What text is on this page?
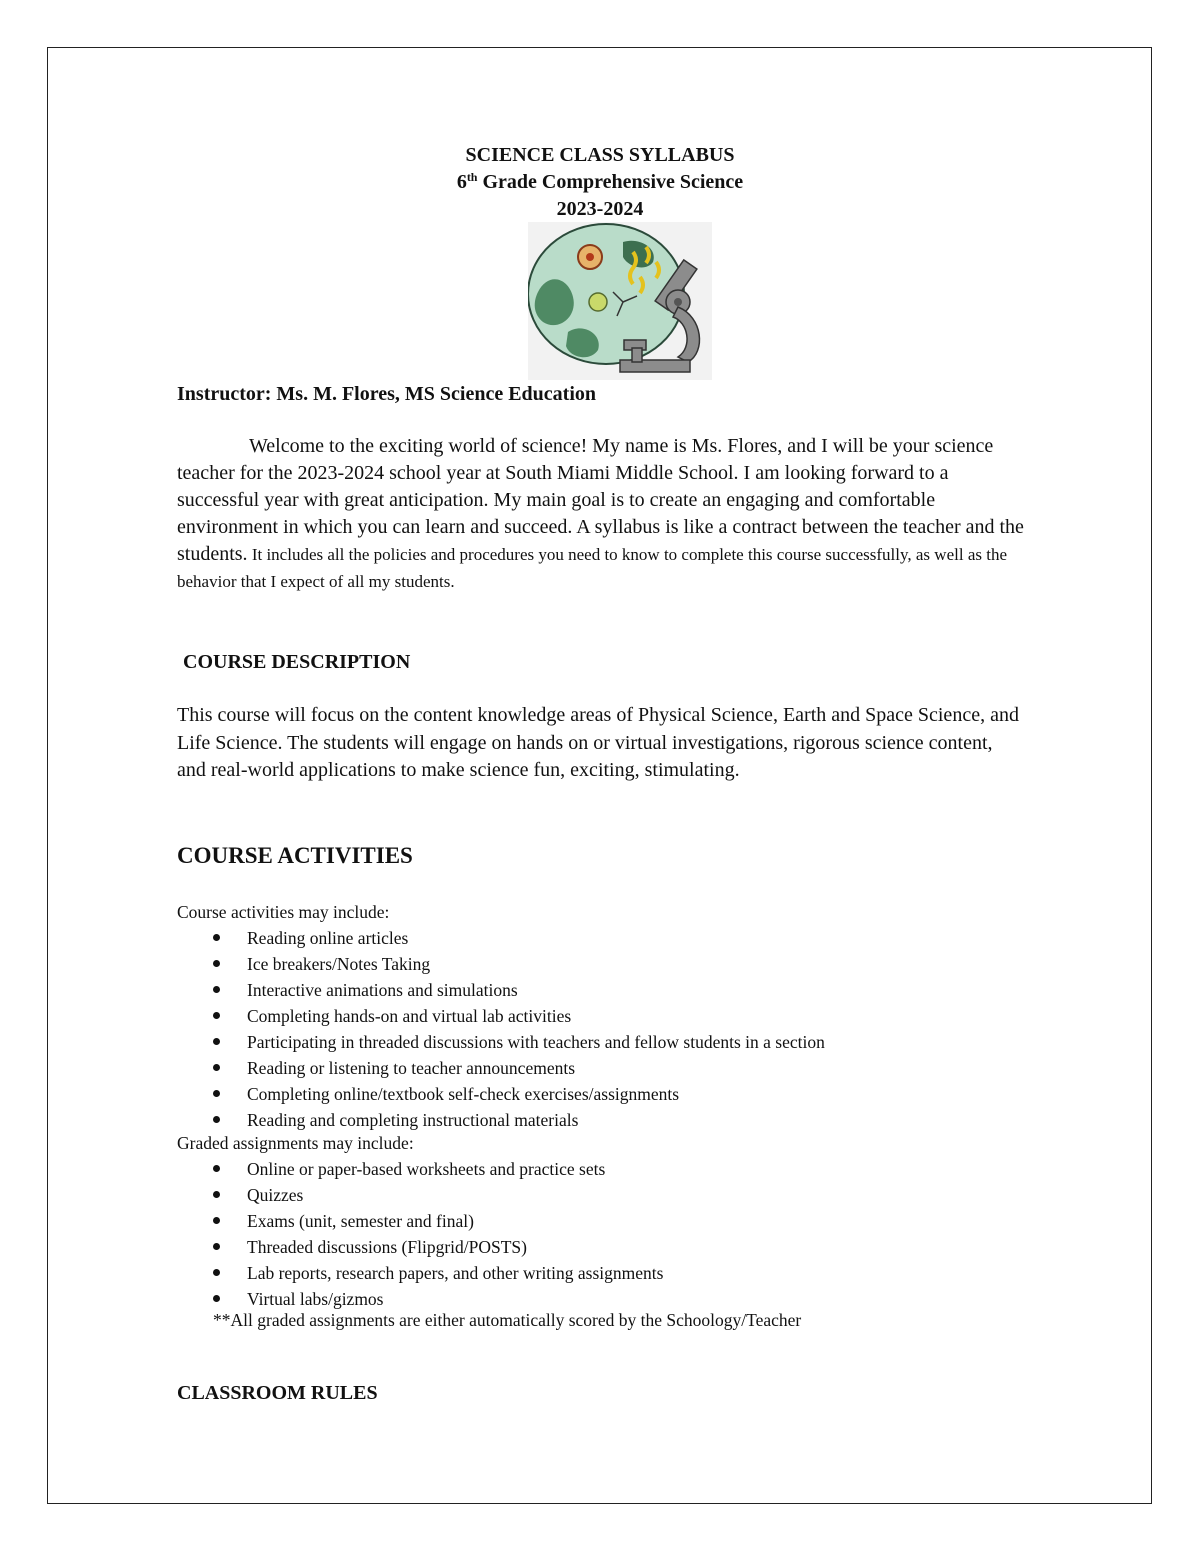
SCIENCE CLASS SYLLABUS
6th Grade Comprehensive Science
2023-2024
Instructor: Ms. M. Flores, MS Science Education
Welcome to the exciting world of science! My name is Ms. Flores, and I will be your science teacher for the 2023-2024 school year at South Miami Middle School. I am looking forward to a successful year with great anticipation. My main goal is to create an engaging and comfortable environment in which you can learn and succeed. A syllabus is like a contract between the teacher and the students. It includes all the policies and procedures you need to know to complete this course successfully, as well as the behavior that I expect of all my students.
COURSE DESCRIPTION
This course will focus on the content knowledge areas of Physical Science, Earth and Space Science, and Life Science. The students will engage on hands on or virtual investigations, rigorous science content, and real-world applications to make science fun, exciting, stimulating.
COURSE ACTIVITIES
Course activities may include:
Reading online articles
Ice breakers/Notes Taking
Interactive animations and simulations
Completing hands-on and virtual lab activities
Participating in threaded discussions with teachers and fellow students in a section
Reading or listening to teacher announcements
Completing online/textbook self-check exercises/assignments
Reading and completing instructional materials
Graded assignments may include:
Online or paper-based worksheets and practice sets
Quizzes
Exams (unit, semester and final)
Threaded discussions (Flipgrid/POSTS)
Lab reports, research papers, and other writing assignments
Virtual labs/gizmos
**All graded assignments are either automatically scored by the Schoology/Teacher
CLASSROOM RULES
